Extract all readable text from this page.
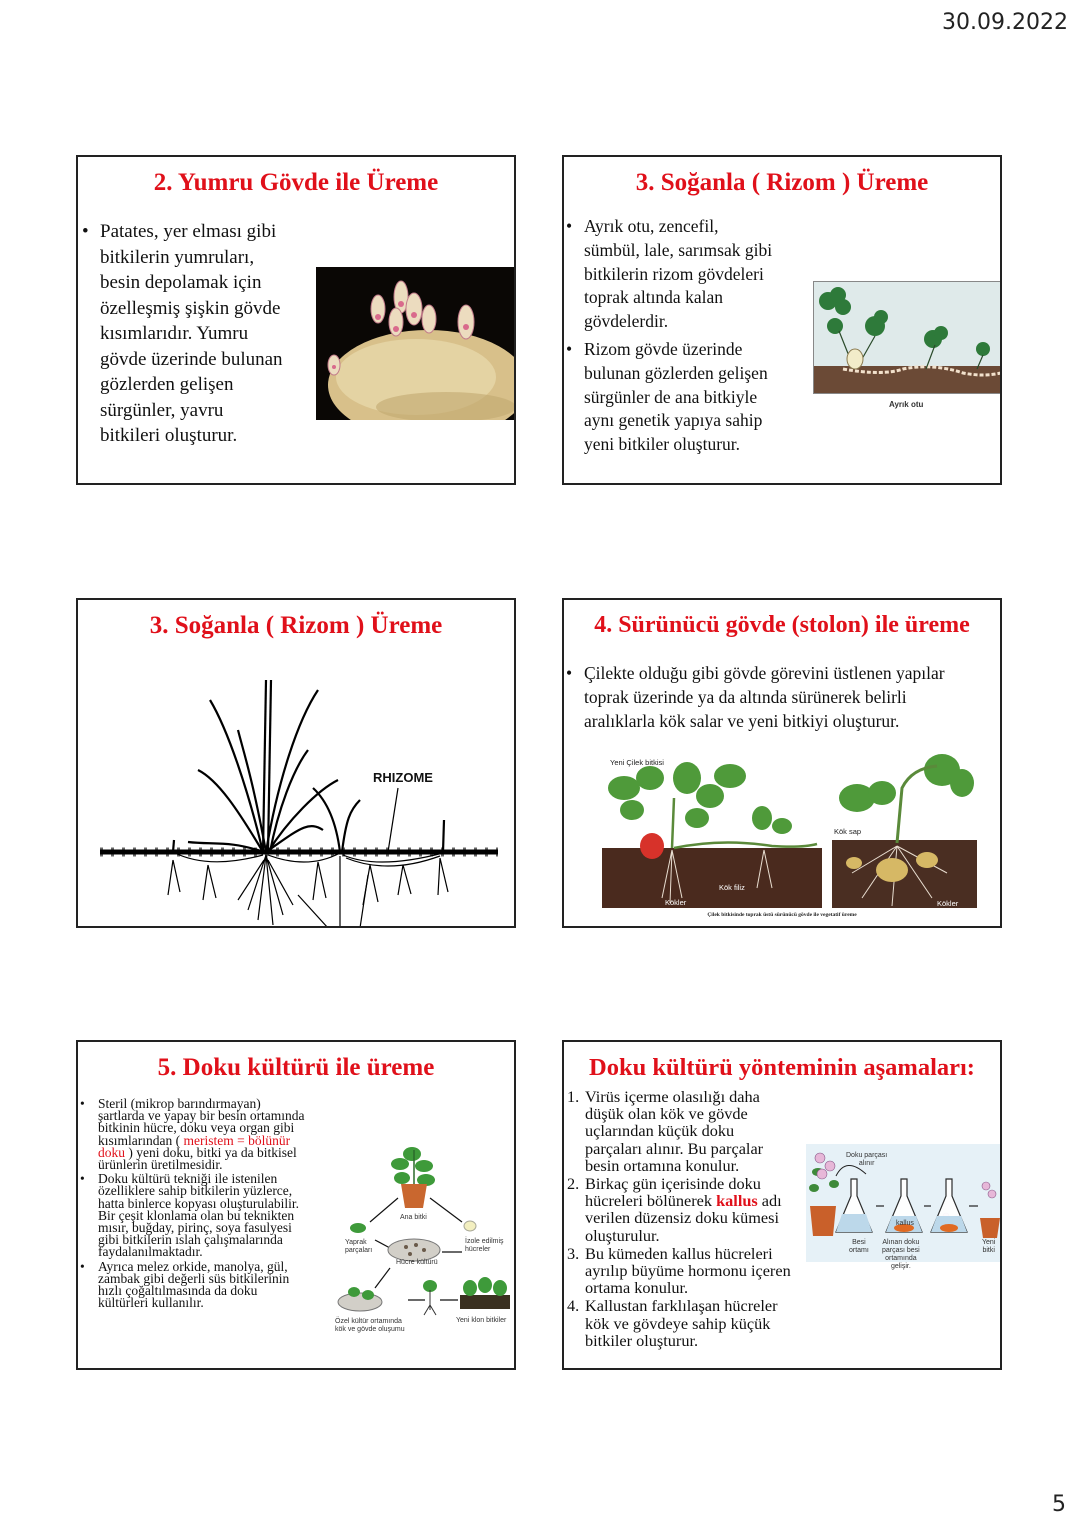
30.09.2022
2. Yumru Gövde ile Üreme
• Patates, yer elması gibi
bitkilerin yumruları,
besin depolamak için
özelleşmiş şişkin gövde
kısımlarıdır. Yumru
gövde üzerinde bulunan
gözlerden gelişen
sürgünler, yavru
bitkileri oluşturur.
3. Soğanla ( Rizom ) Üreme
• Ayrık otu, zencefil,
sümbül, lale, sarımsak gibi
bitkilerin rizom gövdeleri
toprak altında kalan
gövdelerdir.
• Rizom gövde üzerinde
bulunan gözlerden gelişen
sürgünler de ana bitkiyle
aynı genetik yapıya sahip
yeni bitkiler oluşturur.
Ayrık otu
3. Soğanla ( Rizom ) Üreme
RHIZOME
4. Sürünücü gövde (stolon) ile üreme
• Çilekte olduğu gibi gövde görevini üstlenen yapılar
toprak üzerinde ya da altında sürünerek belirli
aralıklarla kök salar ve yeni bitkiyi oluşturur.
Yeni Çilek bitkisi
Kökler
Kök filiz
Kök sap
Yumru
Kökler
Çilek bitkisinde toprak üstü sürünücü gövde ile vegetatif üreme
5. Doku kültürü ile üreme
• Steril (mikrop barındırmayan)
şartlarda ve yapay bir besin ortamında
bitkinin hücre, doku veya organ gibi
kısımlarından ( meristem = bölünür
doku ) yeni doku, bitki ya da bitkisel
ürünlerin üretilmesidir.
• Doku kültürü tekniği ile istenilen
özelliklere sahip bitkilerin yüzlerce,
hatta binlerce kopyası oluşturulabilir.
Bir çeşit klonlama olan bu teknikten
mısır, buğday, pirinç, soya fasulyesi
gibi bitkilerin ıslah çalışmalarında
faydalanılmaktadır.
• Ayrıca melez orkide, manolya, gül,
zambak gibi değerli süs bitkilerinin
hızlı çoğaltılmasında da doku
kültürleri kullanılır.
Ana bitki
Yaprak
parçaları
İzole edilmiş
hücreler
Hücre kültürü
Özel kültür ortamında
kök ve gövde oluşumu
Yeni klon bitkiler
Doku kültürü yönteminin aşamaları:
1. Virüs içerme olasılığı daha
düşük olan kök ve gövde
uçlarından küçük doku
parçaları alınır. Bu parçalar
besin ortamına konulur.
2. Birkaç gün içerisinde doku
hücreleri bölünerek kallus adı
verilen düzensiz doku kümesi
oluşturulur.
3. Bu kümeden kallus hücreleri
ayrılıp büyüme hormonu içeren
ortama konulur.
4. Kallustan farklılaşan hücreler
kök ve gövdeye sahip küçük
bitkiler oluşturur.
Doku parçası
alınır
Besi
ortamı
kallus
Alınan doku
parçası besi
ortamında
gelişir.
Yeni
bitki
5
